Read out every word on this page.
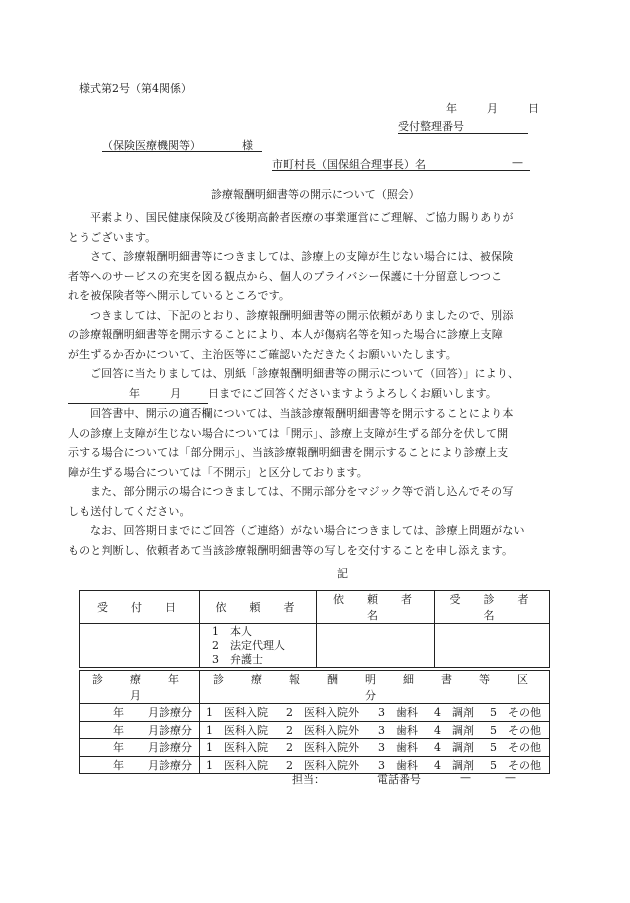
様式第2号（第4関係）
年	月	日
受付整理番号
（保険医療機関等）	様
市町村長（国保組合理事長）名	—
診療報酬明細書等の開示について（照会）

平素より、国民健康保険及び後期高齢者医療の事業運営にご理解、ご協力賜りありが
とうございます。

さて、診療報酬明細書等につきましては、診療上の支障が生じない場合には、被保険
者等へのサービスの充実を図る観点から、個人のプライバシー保護に十分留意しつつこ
れを被保険者等へ開示しているところです。

つきましては、下記のとおり、診療報酬明細書等の開示依頼がありましたので、別添
の診療報酬明細書等を開示することにより、本人が傷病名等を知った場合に診療上支障
が生ずるか否かについて、主治医等にご確認いただきたくお願いいたします。

ご回答に当たりましては、別紙「診療報酬明細書等の開示について（回答）」により、
年	月 日までにご回答くださいますようよろしくお願いします。

回答書中、開示の適否欄については、当該診療報酬明細書等を開示することにより本
人の診療上支障が生じない場合については「開示」、診療上支障が生ずる部分を伏して開
示する場合については「部分開示」、当該診療報酬明細書を開示することにより診療上支
障が生ずる場合については「不開示」と区分しております。

また、部分開示の場合につきましては、不開示部分をマジック等で消し込んでその写
しも送付してください。

なお、回答期日までにご回答（ご連絡）がない場合につきましては、診療上問題がない
ものと判断し、依頼者あて当該診療報酬明細書等の写しを交付することを申し添えます。

記
受　付　日	依　頼　者	依　頼　者　名	受　診　者　名

	1　本人
2　法定代理人
3　弁護士		

診　療　年　月	診　療　報　酬　明　細　書　等　区　分
年 月診療分	1　医科入院 2　医科入院外 3　歯科 4　調剤 5　その他
年 月診療分	1　医科入院 2　医科入院外 3　歯科 4　調剤 5　その他
年 月診療分	1　医科入院 2　医科入院外 3　歯科 4　調剤 5　その他
年 月診療分	1　医科入院 2　医科入院外 3　歯科 4　調剤 5　その他
担当：	電話番号	—	—
